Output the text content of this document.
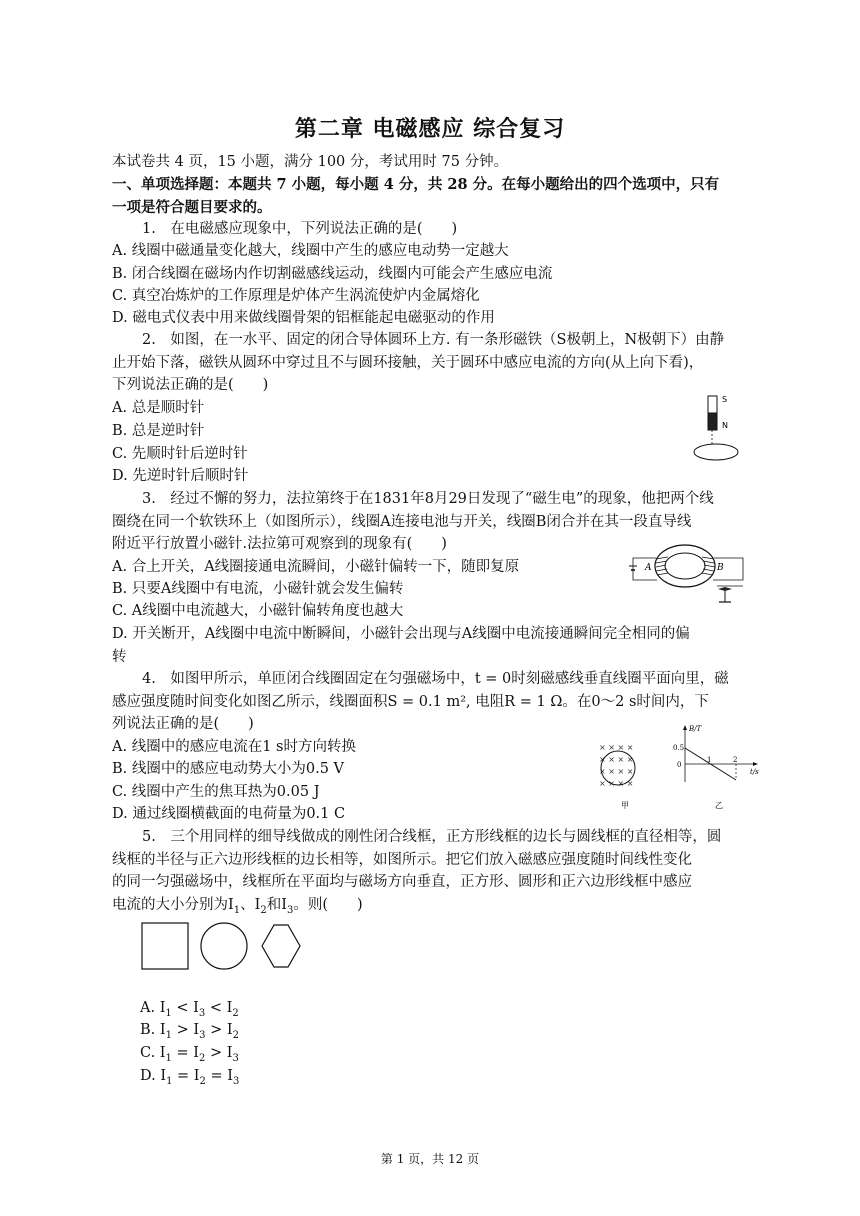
第二章 电磁感应 综合复习
本试卷共 4 页，15 小题，满分 100 分，考试用时 75 分钟。
一、单项选择题：本题共 7 小题，每小题 4 分，共 28 分。在每小题给出的四个选项中，只有
一项是符合题目要求的。
1.　在电磁感应现象中，下列说法正确的是(　　)
A. 线圈中磁通量变化越大，线圈中产生的感应电动势一定越大
B. 闭合线圈在磁场内作切割磁感线运动，线圈内可能会产生感应电流
C. 真空冶炼炉的工作原理是炉体产生涡流使炉内金属熔化
D. 磁电式仪表中用来做线圈骨架的铝框能起电磁驱动的作用
2.　如图，在一水平、固定的闭合导体圆环上方. 有一条形磁铁（S极朝上，N极朝下）由静
止开始下落，磁铁从圆环中穿过且不与圆环接触，关于圆环中感应电流的方向(从上向下看)，
下列说法正确的是(　　)
A. 总是顺时针
B. 总是逆时针
C. 先顺时针后逆时针
D. 先逆时针后顺时针
S
N
3.　经过不懈的努力，法拉第终于在1831年8月29日发现了“磁生电”的现象，他把两个线
圈绕在同一个软铁环上（如图所示），线圈A连接电池与开关，线圈B闭合并在其一段直导线
附近平行放置小磁针.法拉第可观察到的现象有(　　)
A. 合上开关，A线圈接通电流瞬间，小磁针偏转一下，随即复原
B. 只要A线圈中有电流，小磁针就会发生偏转
C. A线圈中电流越大，小磁针偏转角度也越大
D. 开关断开，A线圈中电流中断瞬间，小磁针会出现与A线圈中电流接通瞬间完全相同的偏
转
A	B
4.　如图甲所示，单匝闭合线圈固定在匀强磁场中，t = 0时刻磁感线垂直线圈平面向里，磁
感应强度随时间变化如图乙所示，线圈面积S = 0.1 m², 电阻R = 1 Ω。在0～2 s时间内，下
列说法正确的是(　　)
A. 线圈中的感应电流在1 s时方向转换
B. 线圈中的感应电动势大小为0.5 V
C. 线圈中产生的焦耳热为0.05 J
D. 通过线圈横截面的电荷量为0.1 C
× × × ×
× × × ×
× × × ×
× × × ×
甲
B/T
t/s
0.5
0
1	2
乙
5.　三个用同样的细导线做成的刚性闭合线框，正方形线框的边长与圆线框的直径相等，圆
线框的半径与正六边形线框的边长相等，如图所示。把它们放入磁感应强度随时间线性变化
的同一匀强磁场中，线框所在平面均与磁场方向垂直，正方形、圆形和正六边形线框中感应
电流的大小分别为$I_1$、$I_2$和$I_3$。则(　　)
A. $I_1 < I_3 < I_2$
B. $I_1 > I_3 > I_2$
C. $I_1 = I_2 > I_3$
D. $I_1 = I_2 = I_3$
第 1 页，共 12 页
